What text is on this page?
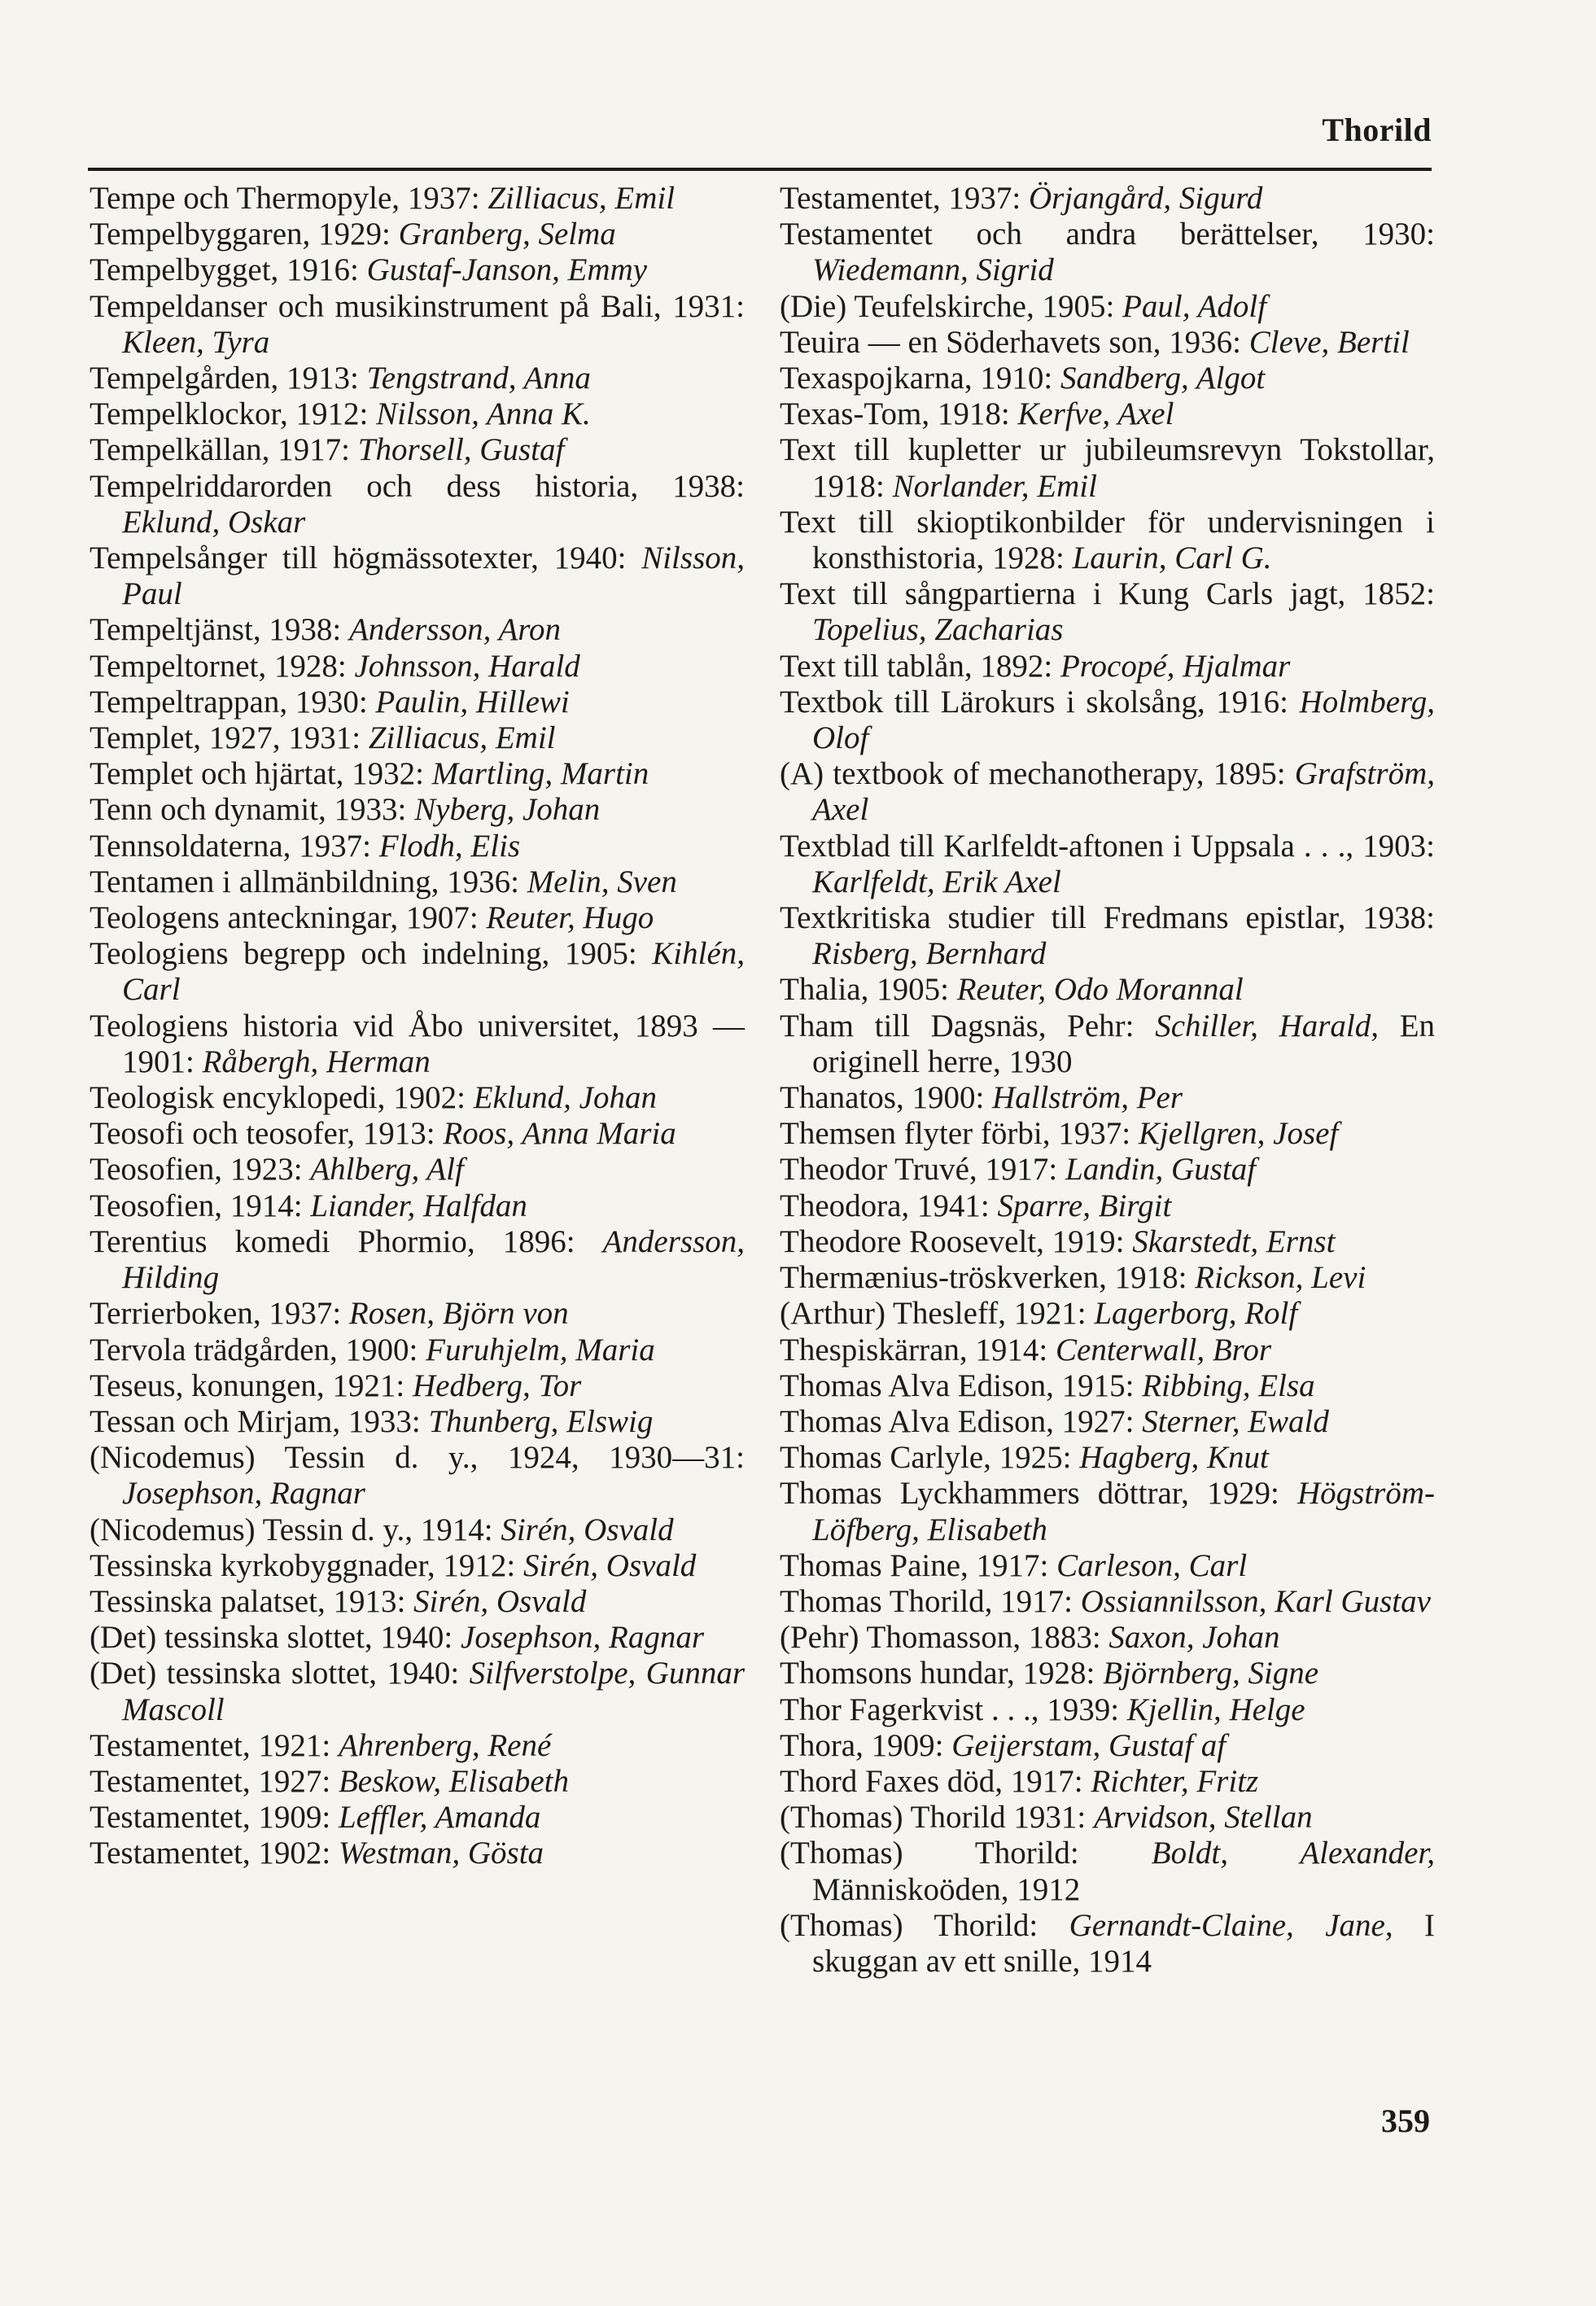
Thorild

Tempe och Thermopyle, 1937: Zilliacus, Emil

Tempelbyggaren, 1929: Granberg, Selma

Tempelbygget, 1916: Gustaf-Janson, Emmy

Tempeldanser och musikinstrument på Bali, 1931: Kleen, Tyra

Tempelgården, 1913: Tengstrand, Anna

Tempelklockor, 1912: Nilsson, Anna K.

Tempelkällan, 1917: Thorsell, Gustaf

Tempelriddarorden och dess historia, 1938: Eklund, Oskar

Tempelsånger till högmässotexter, 1940: Nilsson, Paul

Tempeltjänst, 1938: Andersson, Aron

Tempeltornet, 1928: Johnsson, Harald

Tempeltrappan, 1930: Paulin, Hillewi

Templet, 1927, 1931: Zilliacus, Emil

Templet och hjärtat, 1932: Martling, Martin

Tenn och dynamit, 1933: Nyberg, Johan

Tennsoldaterna, 1937: Flodh, Elis

Tentamen i allmänbildning, 1936: Melin, Sven

Teologens anteckningar, 1907: Reuter, Hugo

Teologiens begrepp och indelning, 1905: Kihlén, Carl

Teologiens historia vid Åbo universitet, 1893 —1901: Råbergh, Herman

Teologisk encyklopedi, 1902: Eklund, Johan

Teosofi och teosofer, 1913: Roos, Anna Maria

Teosofien, 1923: Ahlberg, Alf

Teosofien, 1914: Liander, Halfdan

Terentius komedi Phormio, 1896: Andersson, Hilding

Terrierboken, 1937: Rosen, Björn von

Tervola trädgården, 1900: Furuhjelm, Maria

Teseus, konungen, 1921: Hedberg, Tor

Tessan och Mirjam, 1933: Thunberg, Elswig

(Nicodemus) Tessin d. y., 1924, 1930—31: Josephson, Ragnar

(Nicodemus) Tessin d. y., 1914: Sirén, Osvald

Tessinska kyrkobyggnader, 1912: Sirén, Osvald

Tessinska palatset, 1913: Sirén, Osvald

(Det) tessinska slottet, 1940: Josephson, Ragnar

(Det) tessinska slottet, 1940: Silfverstolpe, Gunnar Mascoll

Testamentet, 1921: Ahrenberg, René

Testamentet, 1927: Beskow, Elisabeth

Testamentet, 1909: Leffler, Amanda

Testamentet, 1902: Westman, Gösta

Testamentet, 1937: Örjangård, Sigurd

Testamentet och andra berättelser, 1930: Wiedemann, Sigrid

(Die) Teufelskirche, 1905: Paul, Adolf

Teuira — en Söderhavets son, 1936: Cleve, Bertil

Texaspojkarna, 1910: Sandberg, Algot

Texas-Tom, 1918: Kerfve, Axel

Text till kupletter ur jubileumsrevyn Tokstollar, 1918: Norlander, Emil

Text till skioptikonbilder för undervisningen i konsthistoria, 1928: Laurin, Carl G.

Text till sångpartierna i Kung Carls jagt, 1852: Topelius, Zacharias

Text till tablån, 1892: Procopé, Hjalmar

Textbok till Lärokurs i skolsång, 1916: Holmberg, Olof

(A) textbook of mechanotherapy, 1895: Grafström, Axel

Textblad till Karlfeldt-aftonen i Uppsala . . ., 1903: Karlfeldt, Erik Axel

Textkritiska studier till Fredmans epistlar, 1938: Risberg, Bernhard

Thalia, 1905: Reuter, Odo Morannal

Tham till Dagsnäs, Pehr: Schiller, Harald, En originell herre, 1930

Thanatos, 1900: Hallström, Per

Themsen flyter förbi, 1937: Kjellgren, Josef

Theodor Truvé, 1917: Landin, Gustaf

Theodora, 1941: Sparre, Birgit

Theodore Roosevelt, 1919: Skarstedt, Ernst

Thermænius-tröskverken, 1918: Rickson, Levi

(Arthur) Thesleff, 1921: Lagerborg, Rolf

Thespiskärran, 1914: Centerwall, Bror

Thomas Alva Edison, 1915: Ribbing, Elsa

Thomas Alva Edison, 1927: Sterner, Ewald

Thomas Carlyle, 1925: Hagberg, Knut

Thomas Lyckhammers döttrar, 1929: Högström-Löfberg, Elisabeth

Thomas Paine, 1917: Carleson, Carl

Thomas Thorild, 1917: Ossiannilsson, Karl Gustav

(Pehr) Thomasson, 1883: Saxon, Johan

Thomsons hundar, 1928: Björnberg, Signe

Thor Fagerkvist . . ., 1939: Kjellin, Helge

Thora, 1909: Geijerstam, Gustaf af

Thord Faxes död, 1917: Richter, Fritz

(Thomas) Thorild 1931: Arvidson, Stellan

(Thomas) Thorild: Boldt, Alexander, Människoöden, 1912

(Thomas) Thorild: Gernandt-Claine, Jane, I skuggan av ett snille, 1914

359
